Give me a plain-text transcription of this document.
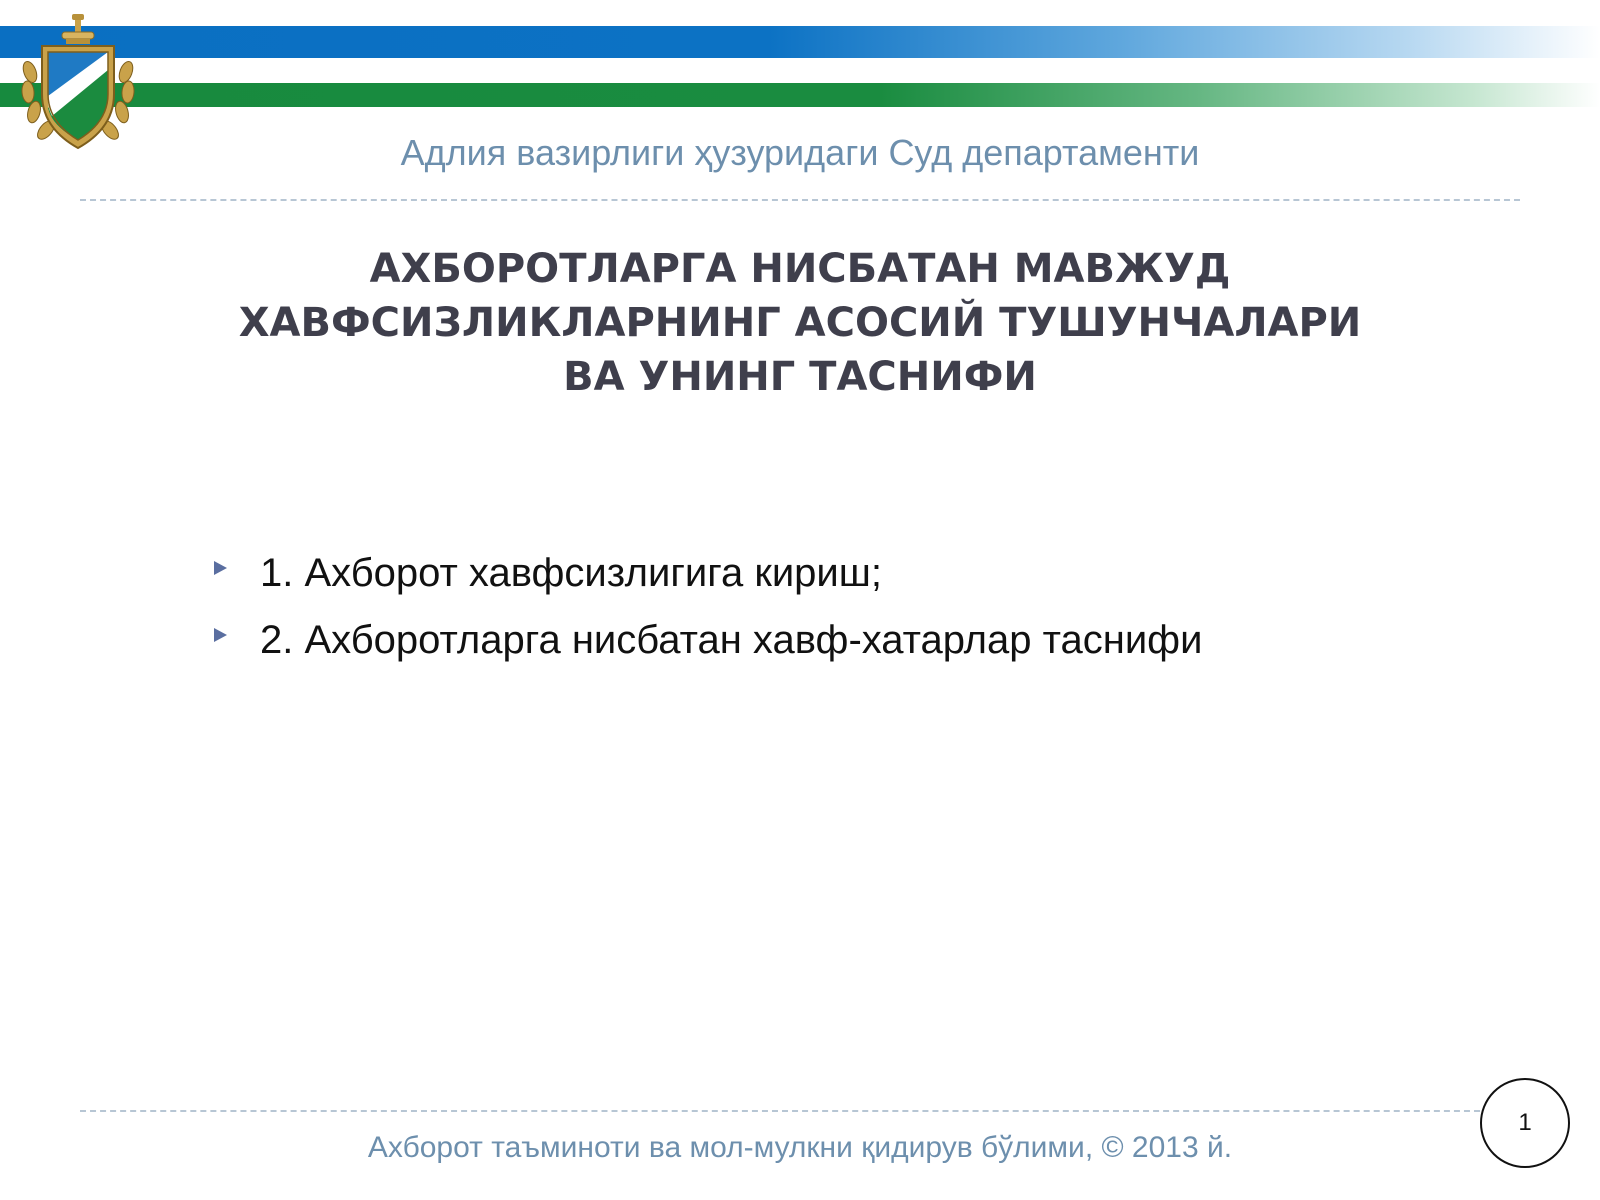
Адлия вазирлиги ҳузуридаги Суд департаменти
АХБОРОТЛАРГА НИСБАТАН МАВЖУД
ХАВФСИЗЛИКЛАРНИНГ АСОСИЙ ТУШУНЧАЛАРИ
ВА УНИНГ ТАСНИФИ
1. Ахборот хавфсизлигига кириш;
2. Ахборотларга нисбатан хавф-хатарлар таснифи
Ахборот таъминоти ва мол-мулкни қидирув бўлими, © 2013 й.
1
